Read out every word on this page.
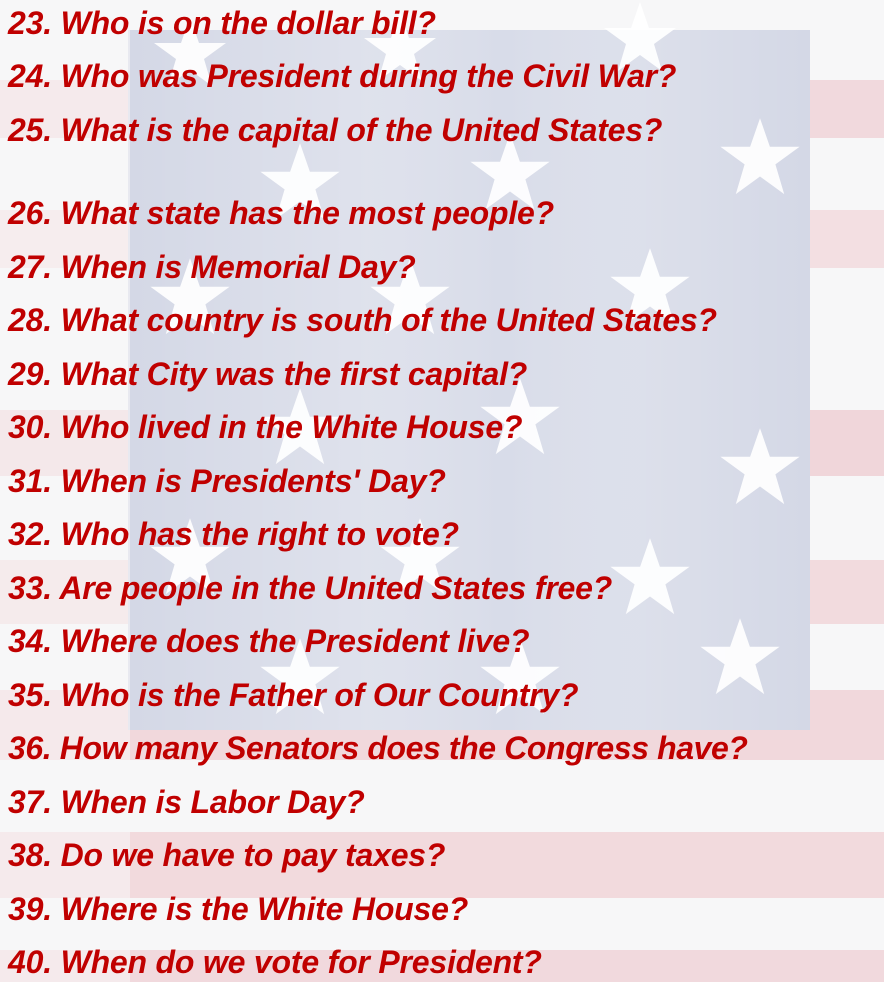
23. Who is on the dollar bill?
24. Who was President during the Civil War?
25. What is the capital of the United States?
26. What state has the most people?
27. When is Memorial Day?
28. What country is south of the United States?
29. What City was the first capital?
30. Who lived in the White House?
31. When is Presidents' Day?
32. Who has the right to vote?
33. Are people in the United States free?
34. Where does the President live?
35. Who is the Father of Our Country?
36. How many Senators does the Congress have?
37. When is Labor Day?
38. Do we have to pay taxes?
39. Where is the White House?
40. When do we vote for President?
